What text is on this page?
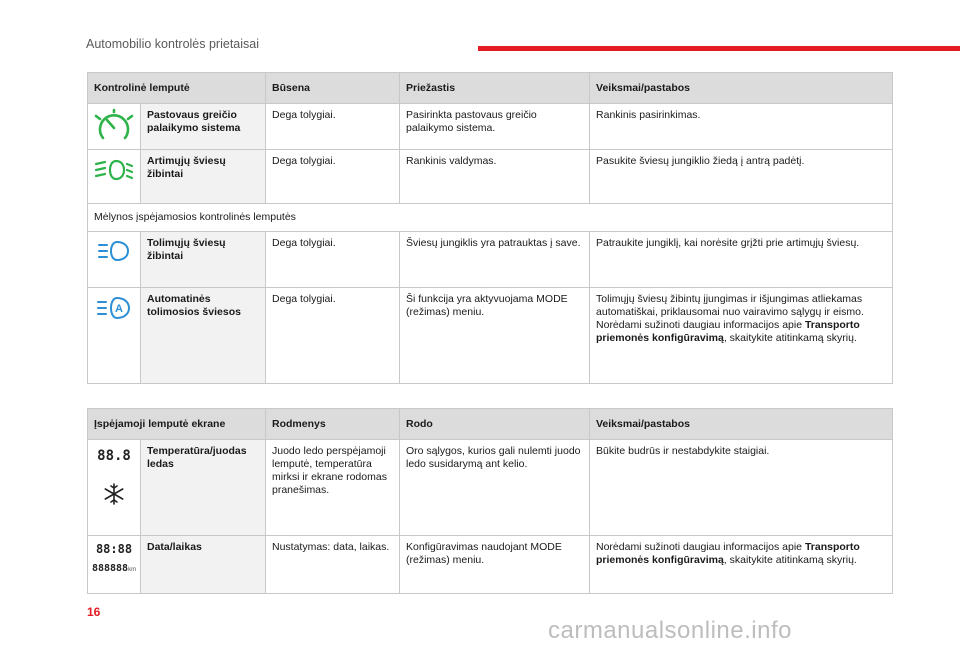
Automobilio kontrolės prietaisai
Kontrolinė lemputė		Būsena	Priežastis	Veiksmai/pastabos

	Pastovaus greičio palaikymo sistema	Dega tolygiai.	Pasirinkta pastovaus greičio palaikymo sistema.	Rankinis pasirinkimas.

	Artimųjų šviesų žibintai	Dega tolygiai.	Rankinis valdymas.	Pasukite šviesų jungiklio žiedą į antrą padėtį.
Mėlynos įspėjamosios kontrolinės lemputės				

	Tolimųjų šviesų žibintai	Dega tolygiai.	Šviesų jungiklis yra patrauktas į save.	Patraukite jungiklį, kai norėsite grįžti prie artimųjų šviesų.

A	Automatinės tolimosios šviesos	Dega tolygiai.	Ši funkcija yra aktyvuojama MODE (režimas) meniu.	Tolimųjų šviesų žibintų įjungimas ir išjungimas atliekamas automatiškai, priklausomai nuo vairavimo sąlygų ir eismo. Norėdami sužinoti daugiau informacijos apie Transporto priemonės konfigūravimą, skaitykite atitinkamą skyrių.
Įspėjamoji lemputė ekrane		Rodmenys	Rodo	Veiksmai/pastabos

88.8	Temperatūra/juodas ledas	Juodo ledo perspėjamoji lemputė, temperatūra mirksi ir ekrane rodomas pranešimas.	Oro sąlygos, kurios gali nulemti juodo ledo susidarymą ant kelio.	Būkite budrūs ir nestabdykite staigiai.

88:88
888888km	Data/laikas	Nustatymas: data, laikas.	Konfigūravimas naudojant MODE (režimas) meniu.	Norėdami sužinoti daugiau informacijos apie Transporto priemonės konfigūravimą, skaitykite atitinkamą skyrių.
16
carmanualsonline.info
